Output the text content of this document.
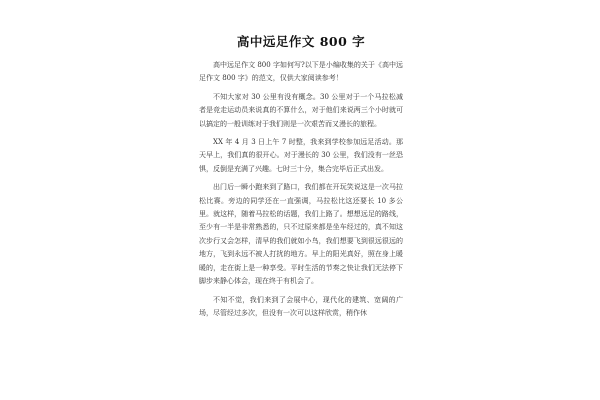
高中远足作文 800 字

高中远足作文 800 字如何写?以下是小编收集的关于《高中远足作文 800 字》的范文，仅供大家阅读参考！

不知大家对 30 公里有没有概念。30 公里对于一个马拉松减者是竞走运动员来说真的不算什么，对于他们来说两三个小时就可以搞定的一般训练对于我们则是一次艰苦而又漫长的旅程。

XX 年 4 月 3 日上午 7 时整，我来到学校参加远足活动。那天早上，我们真的很开心。对于漫长的 30 公里，我们没有一丝恐惧，反倒是充满了兴趣。七时三十分，集合完毕后正式出发。

出门后一瞬小跑来到了路口，我们都在开玩笑说这是一次马拉松比赛。旁边的同学还在一直强调，马拉松比这还要长 10 多公里。就这样，随着马拉松的话题，我们上路了。想想远足的路线，至少有一半是非常熟悉的，只不过原来都是坐车经过的，真不知这次步行又会怎样，清早的我们就如小鸟，我们想要飞到很远很远的地方，飞到永远不被人打扰的地方。早上的阳光真好，照在身上暖暖的，走在街上是一种享受。平时生活的节奏之快让我们无法停下脚步来静心体会，现在终于有机会了。

不知不觉，我们来到了会展中心，现代化的建筑、宽阔的广场，尽管经过多次，但没有一次可以这样欣赏，稍作休
